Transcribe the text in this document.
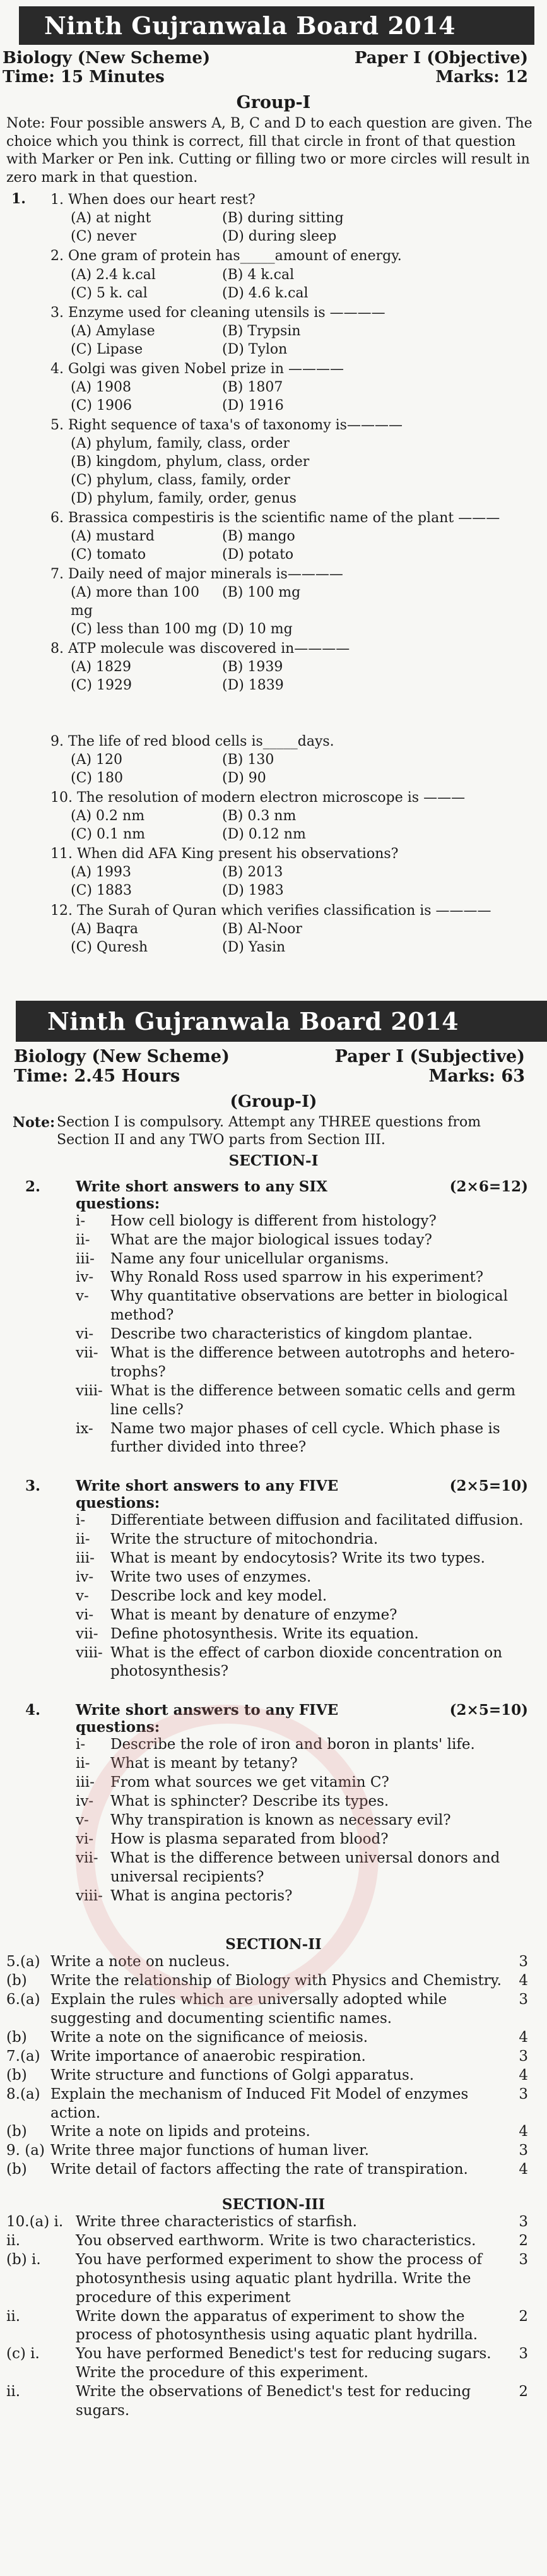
Ninth Gujranwala Board 2014
Biology (New Scheme)	Paper I (Objective)
Time: 15 Minutes	Marks: 12
Group-I
Note: Four possible answers A, B, C and D to each question are given. The choice which you think is correct, fill that circle in front of that question with Marker or Pen ink. Cutting or filling two or more circles will result in zero mark in that question.
1. 1. When does our heart rest?
(A) at night	(B) during sitting
(C) never	(D) during sleep
2. One gram of protein has_____amount of energy.
(A) 2.4 k.cal	(B) 4 k.cal
(C) 5 k. cal	(D) 4.6 k.cal
3. Enzyme used for cleaning utensils is ————
(A) Amylase	(B) Trypsin
(C) Lipase	(D) Tylon
4. Golgi was given Nobel prize in ————
(A) 1908	(B) 1807
(C) 1906	(D) 1916
5. Right sequence of taxa's of taxonomy is————
(A) phylum, family, class, order
(B) kingdom, phylum, class, order
(C) phylum, class, family, order
(D) phylum, family, order, genus
6. Brassica compestiris is the scientific name of the plant ———
(A) mustard	(B) mango
(C) tomato	(D) potato
7. Daily need of major minerals is————
(A) more than 100 mg
(B) 100 mg
(C) less than 100 mg (D) 10 mg
8. ATP molecule was discovered in————
(A) 1829	(B) 1939
(C) 1929	(D) 1839
9. The life of red blood cells is_____days.
(A) 120	(B) 130
(C) 180	(D) 90
10. The resolution of modern electron microscope is ———
(A) 0.2 nm	(B) 0.3 nm
(C) 0.1 nm	(D) 0.12 nm
11. When did AFA King present his observations?
(A) 1993	(B) 2013
(C) 1883	(D) 1983
12. The Surah of Quran which verifies classification is ————
(A) Baqra	(B) Al-Noor
(C) Quresh	(D) Yasin
Ninth Gujranwala Board 2014
Biology (New Scheme)	Paper I (Subjective)
Time: 2.45 Hours	Marks: 63
(Group-I)
Note: Section I is compulsory. Attempt any THREE questions from Section II and any TWO parts from Section III.
SECTION-I
2.	Write short answers to any SIX questions:
(2×6=12)
i-	How cell biology is different from histology?
ii-	What are the major biological issues today?
iii-	Name any four unicellular organisms.
iv-	Why Ronald Ross used sparrow in his experiment?
v-	Why quantitative observations are better in biological method?
vi-	Describe two characteristics of kingdom plantae.
vii- What is the difference between autotrophs and hetero-trophs?
viii- What is the difference between somatic cells and germ line cells?
ix-	Name two major phases of cell cycle. Which phase is further divided into three?
3.	Write short answers to any FIVE questions:
(2×5=10)
i-	Differentiate between diffusion and facilitated diffusion.
ii-	Write the structure of mitochondria.
iii-	What is meant by endocytosis? Write its two types.
iv-	Write two uses of enzymes.
v-	Describe lock and key model.
vi-	What is meant by denature of enzyme?
vii- Define photosynthesis. Write its equation.
viii- What is the effect of carbon dioxide concentration on photosynthesis?
4.	Write short answers to any FIVE questions:
(2×5=10)
i-	Describe the role of iron and boron in plants' life.
ii-	What is meant by tetany?
iii-	From what sources we get vitamin C?
iv-	What is sphincter? Describe its types.
v-	Why transpiration is known as necessary evil?
vi-	How is plasma separated from blood?
vii- What is the difference between universal donors and universal recipients?
viii- What is angina pectoris?
SECTION-II
5.(a) Write a note on nucleus.	3
(b)	Write the relationship of Biology with Physics and Chemistry.	4
6.(a) Explain the rules which are universally adopted while suggesting and documenting scientific names.
3
(b)	Write a note on the significance of meiosis.	4
7.(a) Write importance of anaerobic respiration.	3
(b)	Write structure and functions of Golgi apparatus.	4
8.(a) Explain the mechanism of Induced Fit Model of enzymes action.
3
(b)	Write a note on lipids and proteins.	4
9. (a) Write three major functions of human liver.	3
(b)	Write detail of factors affecting the rate of transpiration.	4
SECTION-III
10.(a) i. Write three characteristics of starfish.	3
ii.	You observed earthworm. Write is two characteristics.	2
(b) i.	You have performed experiment to show the process of photosynthesis using aquatic plant hydrilla. Write the procedure of this experiment
3
ii.	Write down the apparatus of experiment to show the process of photosynthesis using aquatic plant hydrilla.
2
(c) i.	You have performed Benedict's test for reducing sugars. Write the procedure of this experiment.
3
ii.	Write the observations of Benedict's test for reducing sugars.
2
